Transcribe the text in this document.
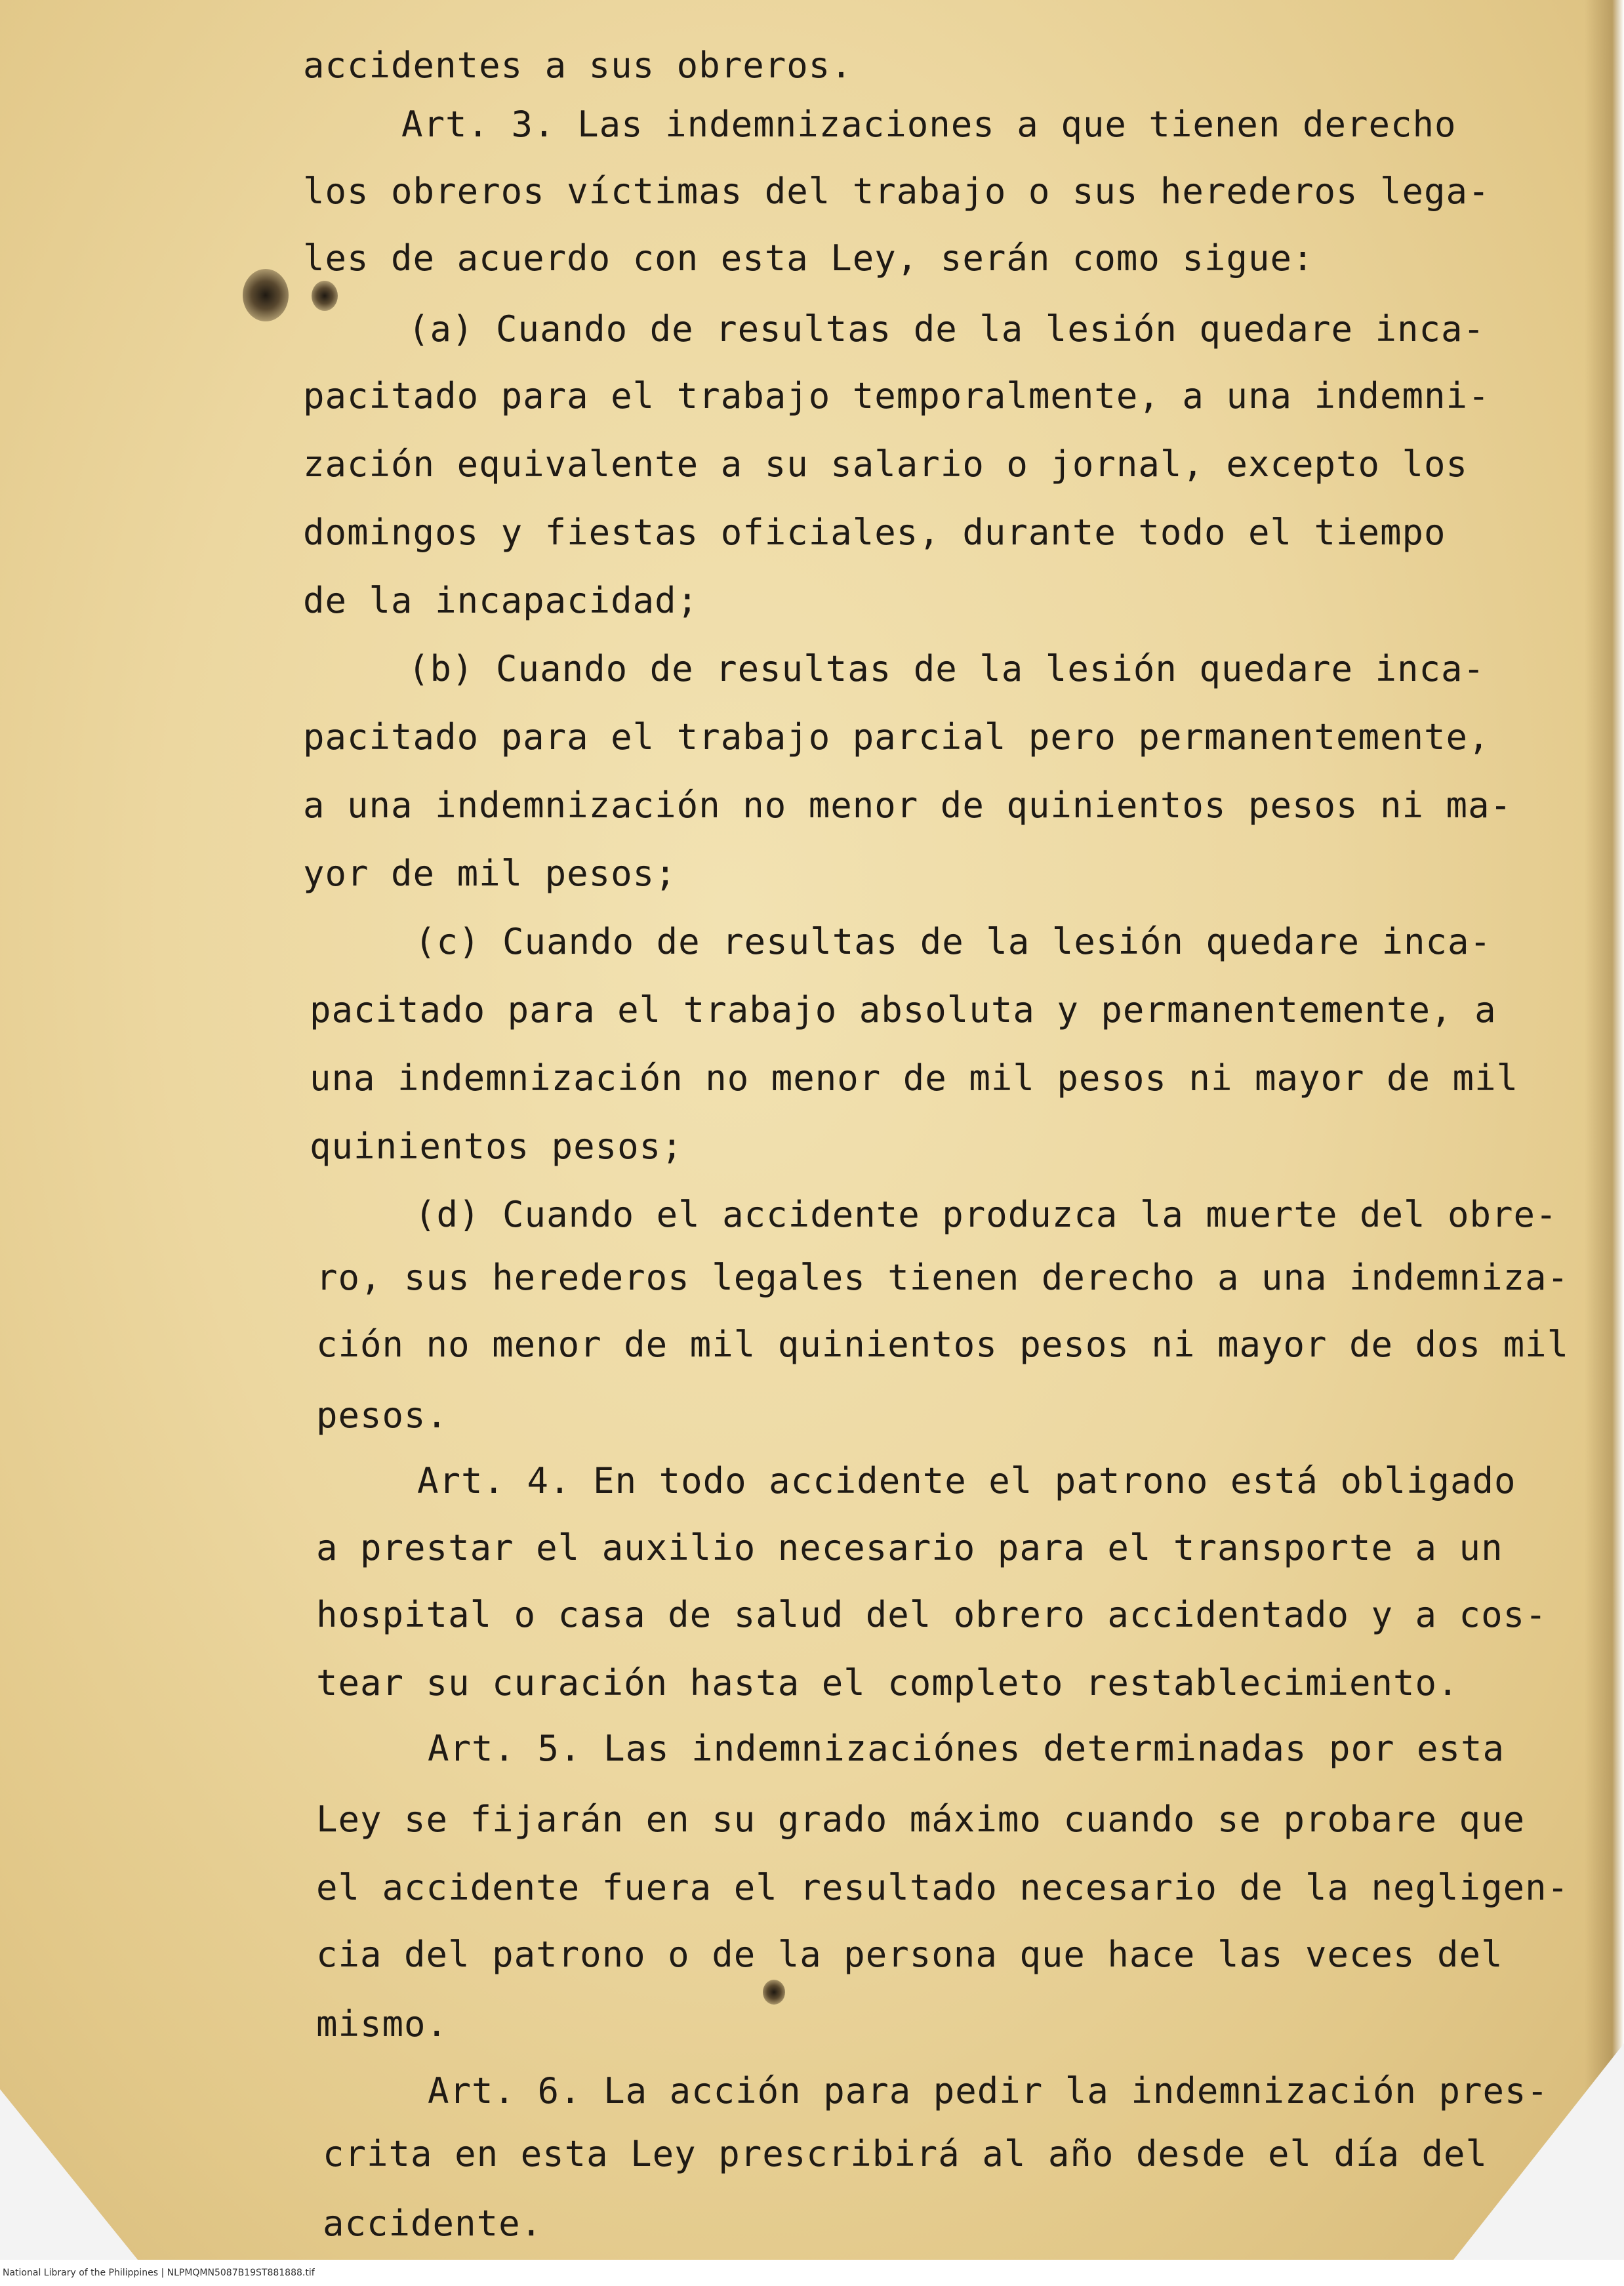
accidentes a sus obreros.
Art. 3. Las indemnizaciones a que tienen derecho
los obreros víctimas del trabajo o sus herederos lega-
les de acuerdo con esta Ley, serán como sigue:
(a) Cuando de resultas de la lesión quedare inca-
pacitado para el trabajo temporalmente, a una indemni-
zación equivalente a su salario o jornal, excepto los
domingos y fiestas oficiales, durante todo el tiempo
de la incapacidad;
(b) Cuando de resultas de la lesión quedare inca-
pacitado para el trabajo parcial pero permanentemente,
a una indemnización no menor de quinientos pesos ni ma-
yor de mil pesos;
(c) Cuando de resultas de la lesión quedare inca-
pacitado para el trabajo absoluta y permanentemente, a
una indemnización no menor de mil pesos ni mayor de mil
quinientos pesos;
(d) Cuando el accidente produzca la muerte del obre-
ro, sus herederos legales tienen derecho a una indemniza-
ción no menor de mil quinientos pesos ni mayor de dos mil
pesos.
Art. 4. En todo accidente el patrono está obligado
a prestar el auxilio necesario para el transporte a un
hospital o casa de salud del obrero accidentado y a cos-
tear su curación hasta el completo restablecimiento.
Art. 5. Las indemnizaciónes determinadas por esta
Ley se fijarán en su grado máximo cuando se probare que
el accidente fuera el resultado necesario de la negligen-
cia del patrono o de la persona que hace las veces del
mismo.
Art. 6. La acción para pedir la indemnización pres-
crita en esta Ley prescribirá al año desde el día del
accidente.
National Library of the Philippines | NLPMQMN5087B19ST881888.tif
